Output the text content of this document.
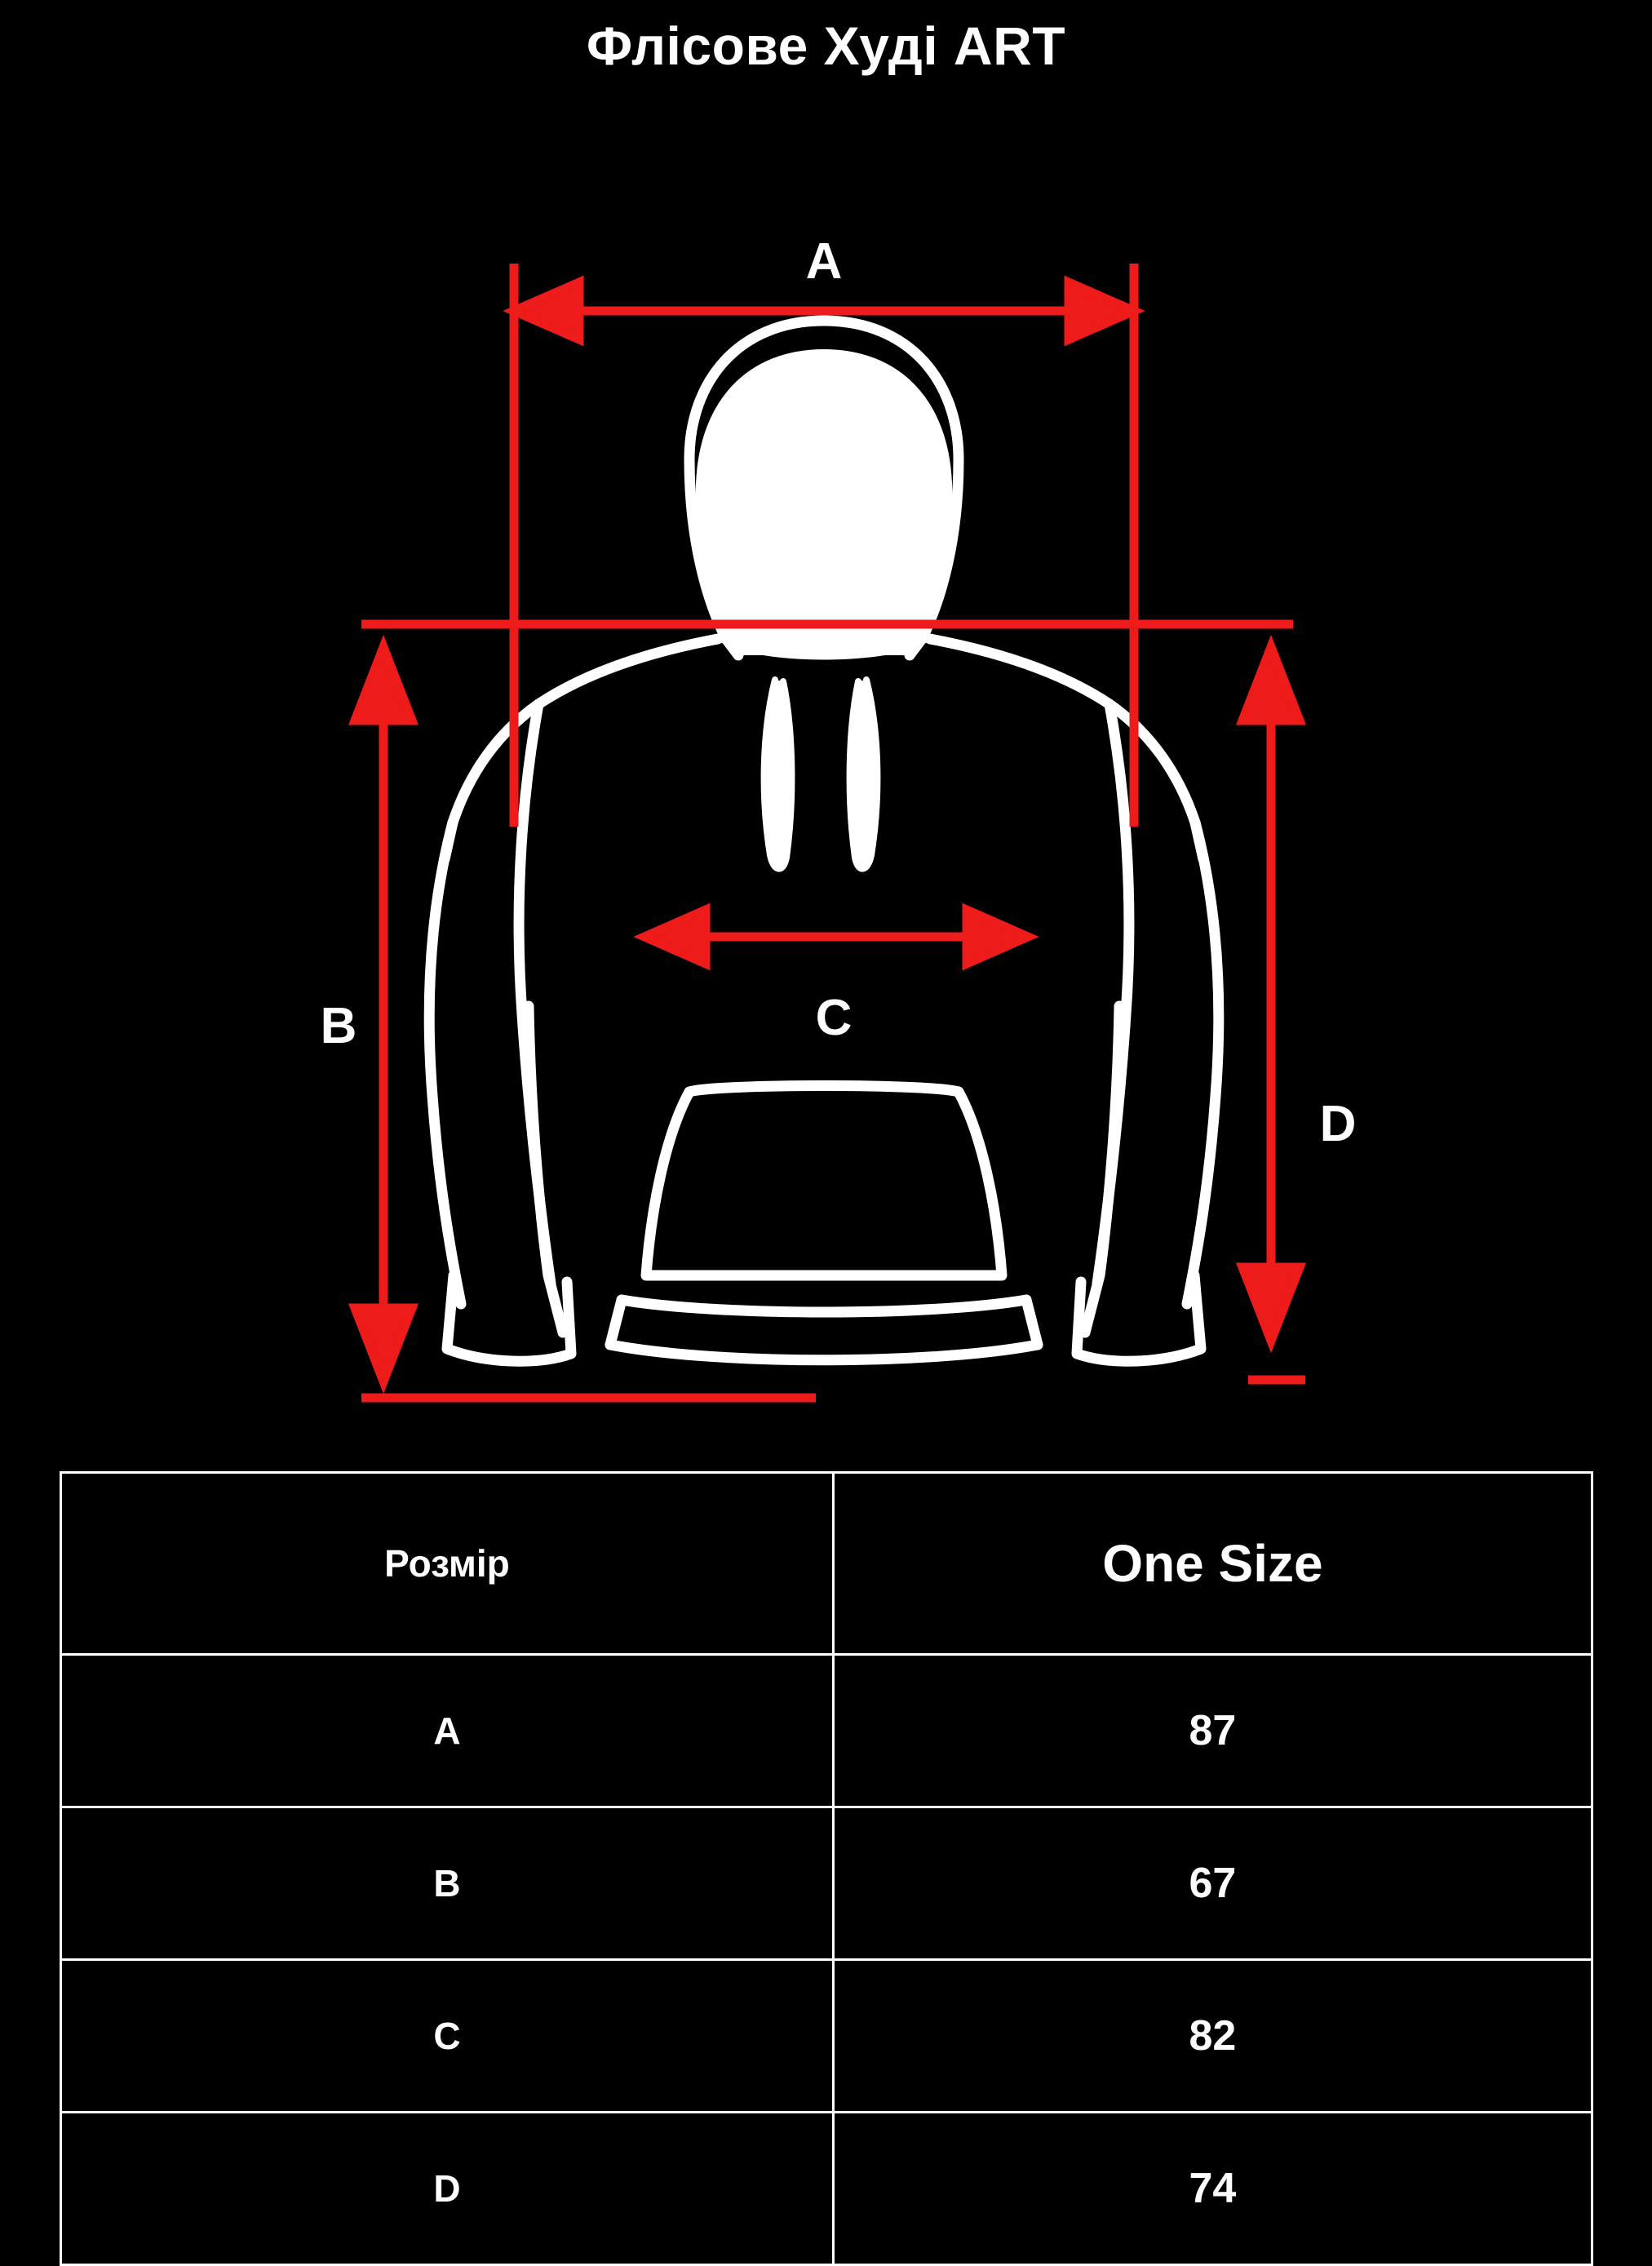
Флісове Худі ART
A
B	C
D
Розмір	One Size
A	87
B	67
C	82
D	74
